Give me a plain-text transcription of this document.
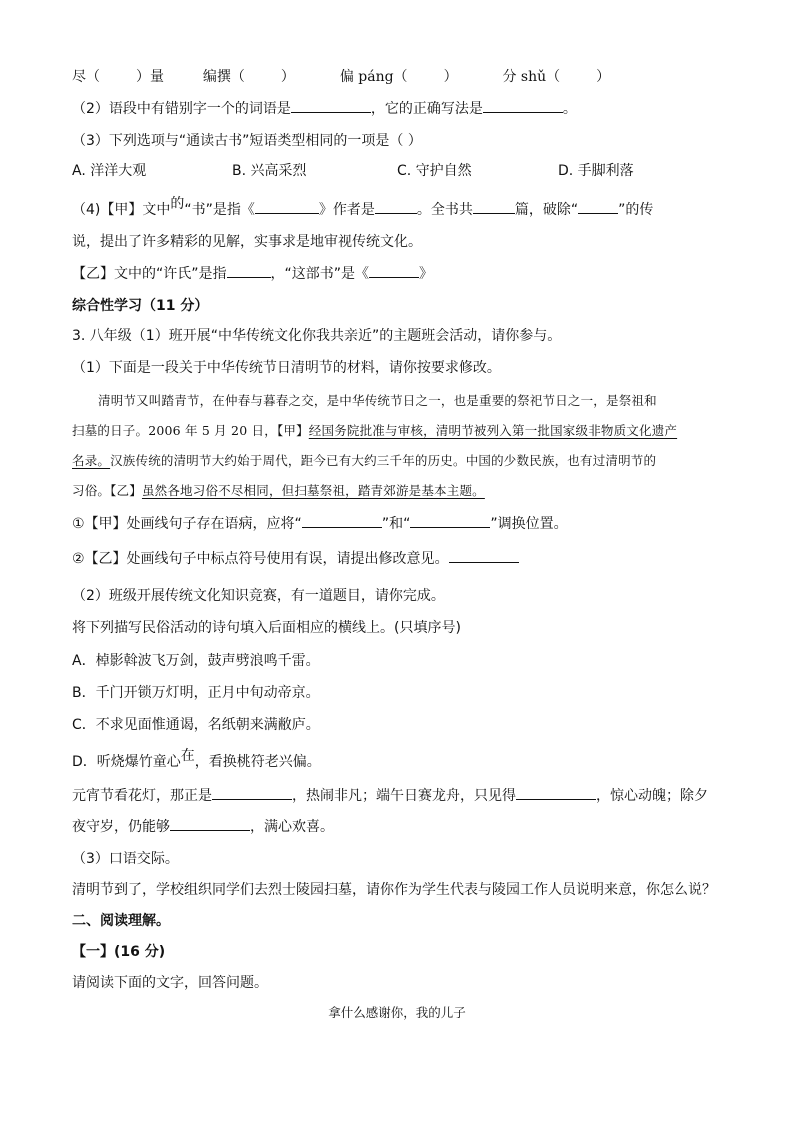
尽（	）量	编撰（	）	偏 páng（	）	分 shǔ（	）
（2）语段中有错别字一个的词语是	，它的正确写法是	。
（3）下列选项与“通读古书”短语类型相同的一项是（ ）
A. 洋洋大观	B. 兴高采烈	C. 守护自然	D. 手脚利落
（4)【甲】文中的“书”是指《	》作者是	。全书共	篇，破除“	”的传
说，提出了许多精彩的见解，实事求是地审视传统文化。
【乙】文中的“许氏”是指	，“这部书”是《	》
综合性学习（11 分）
3. 八年级（1）班开展“中华传统文化你我共亲近”的主题班会活动，请你参与。
（1）下面是一段关于中华传统节日清明节的材料，请你按要求修改。
清明节又叫踏青节，在仲春与暮春之交，是中华传统节日之一，也是重要的祭祀节日之一，是祭祖和
扫墓的日子。2006 年 5 月 20 日，【甲】经国务院批准与审核，清明节被列入第一批国家级非物质文化遗产
名录。汉族传统的清明节大约始于周代，距今已有大约三千年的历史。中国的少数民族，也有过清明节的
习俗。【乙】虽然各地习俗不尽相同，但扫墓祭祖，踏青郊游是基本主题。
①【甲】处画线句子存在语病，应将“	”和“	”调换位置。
②【乙】处画线句子中标点符号使用有误，请提出修改意见。
（2）班级开展传统文化知识竞赛，有一道题目，请你完成。
将下列描写民俗活动的诗句填入后面相应的横线上。(只填序号)
A．棹影斡波飞万剑，鼓声劈浪鸣千雷。
B．千门开锁万灯明，正月中旬动帝京。
C．不求见面惟通谒，名纸朝来满敝庐。
D．听烧爆竹童心在，看换桃符老兴偏。
元宵节看花灯，那正是	，热闹非凡；端午日赛龙舟，只见得	，惊心动魄；除夕
夜守岁，仍能够	，满心欢喜。
（3）口语交际。
清明节到了，学校组织同学们去烈士陵园扫墓，请你作为学生代表与陵园工作人员说明来意，你怎么说？
二、阅读理解。
【一】(16 分)
请阅读下面的文字，回答问题。
拿什么感谢你，我的儿子
